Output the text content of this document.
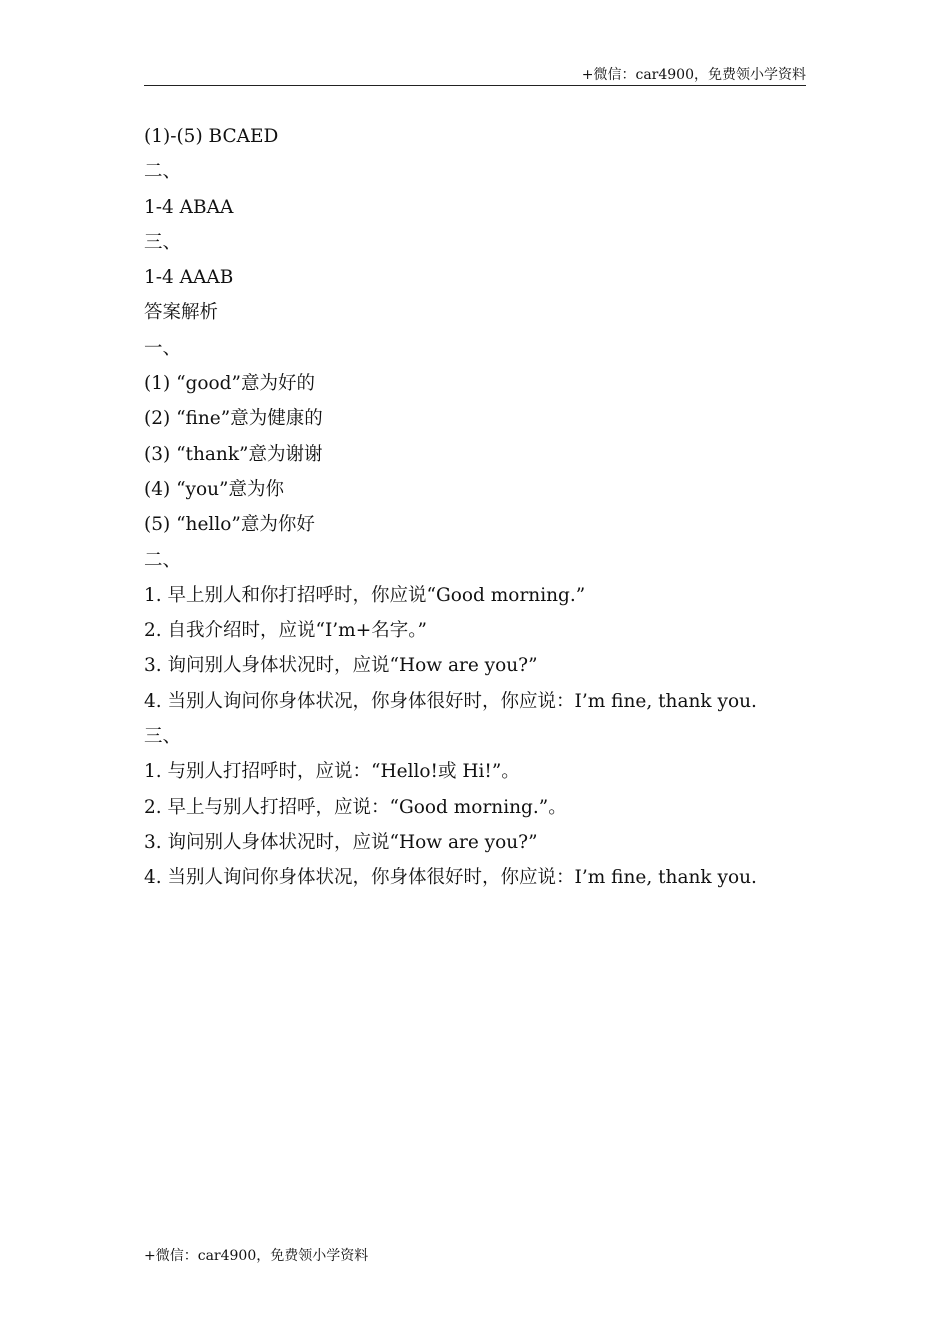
+微信：car4900，免费领小学资料
(1)-(5) BCAED
二、
1-4 ABAA
三、
1-4 AAAB
答案解析
一、
(1) “good”意为好的
(2) “fine”意为健康的
(3) “thank”意为谢谢
(4) “you”意为你
(5) “hello”意为你好
二、
1. 早上别人和你打招呼时，你应说“Good morning.”
2. 自我介绍时，应说“I’m+名字。”
3. 询问别人身体状况时，应说“How are you?”
4. 当别人询问你身体状况，你身体很好时，你应说：I’m fine, thank you.
三、
1. 与别人打招呼时，应说：“Hello!或 Hi!”。
2. 早上与别人打招呼，应说：“Good morning.”。
3. 询问别人身体状况时，应说“How are you?”
4. 当别人询问你身体状况，你身体很好时，你应说：I’m fine, thank you.
+微信：car4900，免费领小学资料
